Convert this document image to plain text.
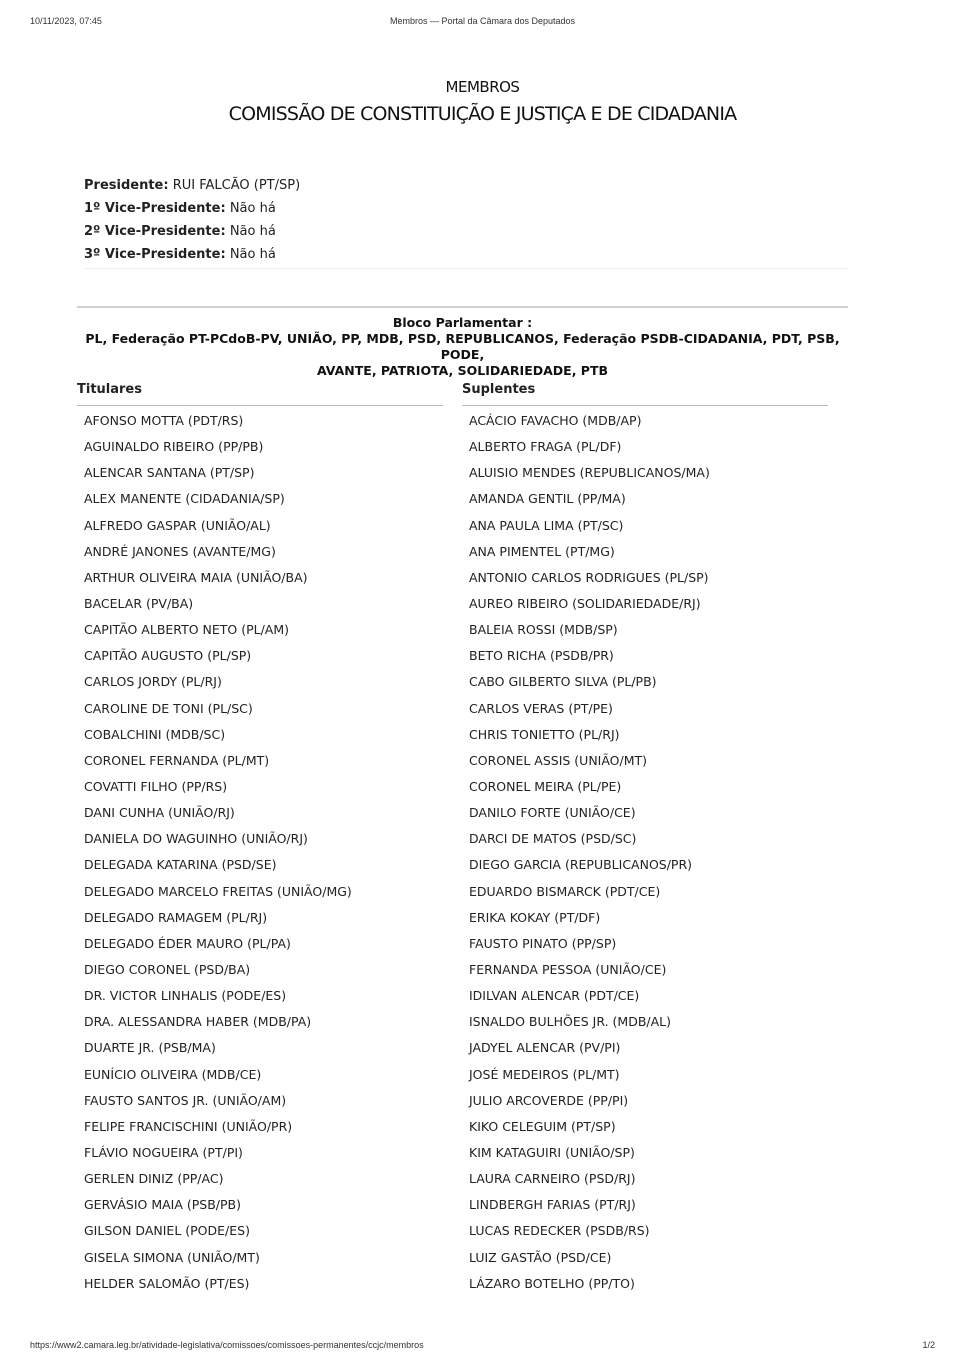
10/11/2023, 07:45	Membros — Portal da Câmara dos Deputados
MEMBROS
COMISSÃO DE CONSTITUIÇÃO E JUSTIÇA E DE CIDADANIA
Presidente: RUI FALCÃO (PT/SP)
1º Vice-Presidente: Não há
2º Vice-Presidente: Não há
3º Vice-Presidente: Não há
Bloco Parlamentar :
PL, Federação PT-PCdoB-PV, UNIÃO, PP, MDB, PSD, REPUBLICANOS, Federação PSDB-CIDADANIA, PDT, PSB, PODE,
AVANTE, PATRIOTA, SOLIDARIEDADE, PTB
Titulares
AFONSO MOTTA (PDT/RS)
AGUINALDO RIBEIRO (PP/PB)
ALENCAR SANTANA (PT/SP)
ALEX MANENTE (CIDADANIA/SP)
ALFREDO GASPAR (UNIÃO/AL)
ANDRÉ JANONES (AVANTE/MG)
ARTHUR OLIVEIRA MAIA (UNIÃO/BA)
BACELAR (PV/BA)
CAPITÃO ALBERTO NETO (PL/AM)
CAPITÃO AUGUSTO (PL/SP)
CARLOS JORDY (PL/RJ)
CAROLINE DE TONI (PL/SC)
COBALCHINI (MDB/SC)
CORONEL FERNANDA (PL/MT)
COVATTI FILHO (PP/RS)
DANI CUNHA (UNIÃO/RJ)
DANIELA DO WAGUINHO (UNIÃO/RJ)
DELEGADA KATARINA (PSD/SE)
DELEGADO MARCELO FREITAS (UNIÃO/MG)
DELEGADO RAMAGEM (PL/RJ)
DELEGADO ÉDER MAURO (PL/PA)
DIEGO CORONEL (PSD/BA)
DR. VICTOR LINHALIS (PODE/ES)
DRA. ALESSANDRA HABER (MDB/PA)
DUARTE JR. (PSB/MA)
EUNÍCIO OLIVEIRA (MDB/CE)
FAUSTO SANTOS JR. (UNIÃO/AM)
FELIPE FRANCISCHINI (UNIÃO/PR)
FLÁVIO NOGUEIRA (PT/PI)
GERLEN DINIZ (PP/AC)
GERVÁSIO MAIA (PSB/PB)
GILSON DANIEL (PODE/ES)
GISELA SIMONA (UNIÃO/MT)
HELDER SALOMÃO (PT/ES)
Suplentes
ACÁCIO FAVACHO (MDB/AP)
ALBERTO FRAGA (PL/DF)
ALUISIO MENDES (REPUBLICANOS/MA)
AMANDA GENTIL (PP/MA)
ANA PAULA LIMA (PT/SC)
ANA PIMENTEL (PT/MG)
ANTONIO CARLOS RODRIGUES (PL/SP)
AUREO RIBEIRO (SOLIDARIEDADE/RJ)
BALEIA ROSSI (MDB/SP)
BETO RICHA (PSDB/PR)
CABO GILBERTO SILVA (PL/PB)
CARLOS VERAS (PT/PE)
CHRIS TONIETTO (PL/RJ)
CORONEL ASSIS (UNIÃO/MT)
CORONEL MEIRA (PL/PE)
DANILO FORTE (UNIÃO/CE)
DARCI DE MATOS (PSD/SC)
DIEGO GARCIA (REPUBLICANOS/PR)
EDUARDO BISMARCK (PDT/CE)
ERIKA KOKAY (PT/DF)
FAUSTO PINATO (PP/SP)
FERNANDA PESSOA (UNIÃO/CE)
IDILVAN ALENCAR (PDT/CE)
ISNALDO BULHÕES JR. (MDB/AL)
JADYEL ALENCAR (PV/PI)
JOSÉ MEDEIROS (PL/MT)
JULIO ARCOVERDE (PP/PI)
KIKO CELEGUIM (PT/SP)
KIM KATAGUIRI (UNIÃO/SP)
LAURA CARNEIRO (PSD/RJ)
LINDBERGH FARIAS (PT/RJ)
LUCAS REDECKER (PSDB/RS)
LUIZ GASTÃO (PSD/CE)
LÁZARO BOTELHO (PP/TO)
https://www2.camara.leg.br/atividade-legislativa/comissoes/comissoes-permanentes/ccjc/membros	1/2
